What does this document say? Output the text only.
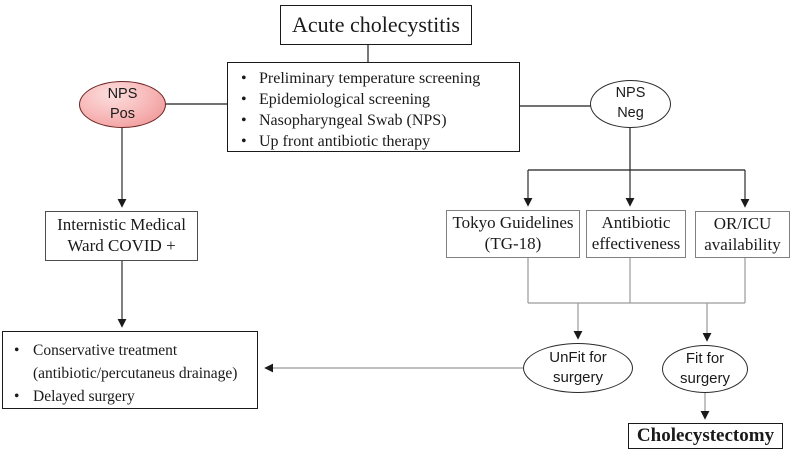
Acute cholecystitis
• Preliminary temperature screening
• Epidemiological screening
• Nasopharyngeal Swab (NPS)
• Up front antibiotic therapy
NPS
Pos
NPS
Neg
Internistic Medical
Ward COVID +
Tokyo Guidelines
(TG-18)
Antibiotic
effectiveness
OR/ICU
availability
• Conservative treatment (antibiotic/percutaneus drainage)
• Delayed surgery
UnFit for
surgery
Fit for
surgery
Cholecystectomy
